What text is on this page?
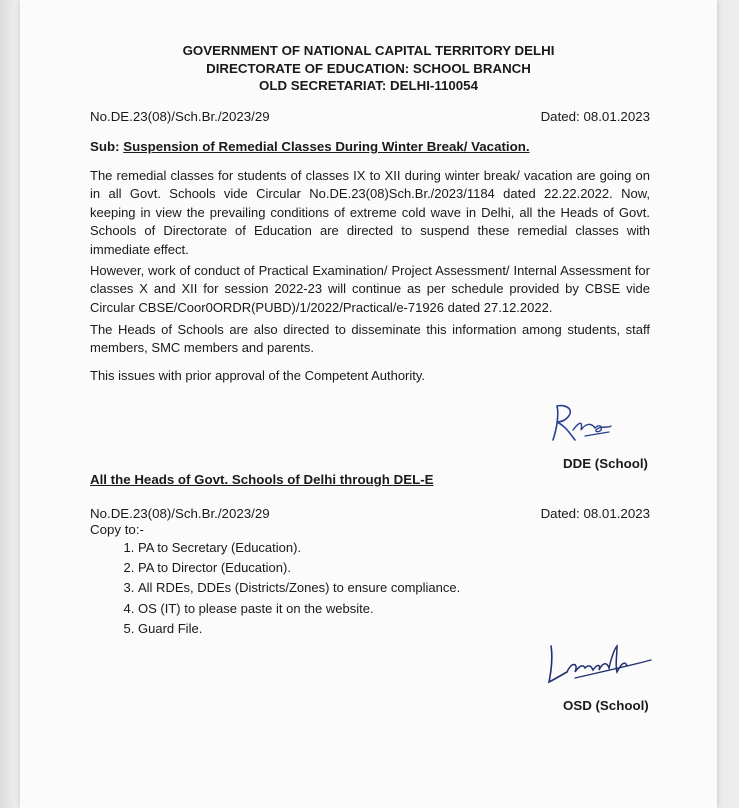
GOVERNMENT OF NATIONAL CAPITAL TERRITORY DELHI
DIRECTORATE OF EDUCATION: SCHOOL BRANCH
OLD SECRETARIAT: DELHI-110054
No.DE.23(08)/Sch.Br./2023/29	Dated: 08.01.2023
Sub: Suspension of Remedial Classes During Winter Break/ Vacation.

The remedial classes for students of classes IX to XII during winter break/ vacation are going on in all Govt. Schools vide Circular No.DE.23(08)Sch.Br./2023/1184 dated 22.22.2022. Now, keeping in view the prevailing conditions of extreme cold wave in Delhi, all the Heads of Govt. Schools of Directorate of Education are directed to suspend these remedial classes with immediate effect.

However, work of conduct of Practical Examination/ Project Assessment/ Internal Assessment for classes X and XII for session 2022-23 will continue as per schedule provided by CBSE vide Circular CBSE/Coor0ORDR(PUBD)/1/2022/Practical/e-71926 dated 27.12.2022.

The Heads of Schools are also directed to disseminate this information among students, staff members, SMC members and parents.

This issues with prior approval of the Competent Authority.

DDE (School)
All the Heads of Govt. Schools of Delhi through DEL-E
No.DE.23(08)/Sch.Br./2023/29	Dated: 08.01.2023
Copy to:-
1. PA to Secretary (Education).
2. PA to Director (Education).
3. All RDEs, DDEs (Districts/Zones) to ensure compliance.
4. OS (IT) to please paste it on the website.
5. Guard File.
OSD (School)
